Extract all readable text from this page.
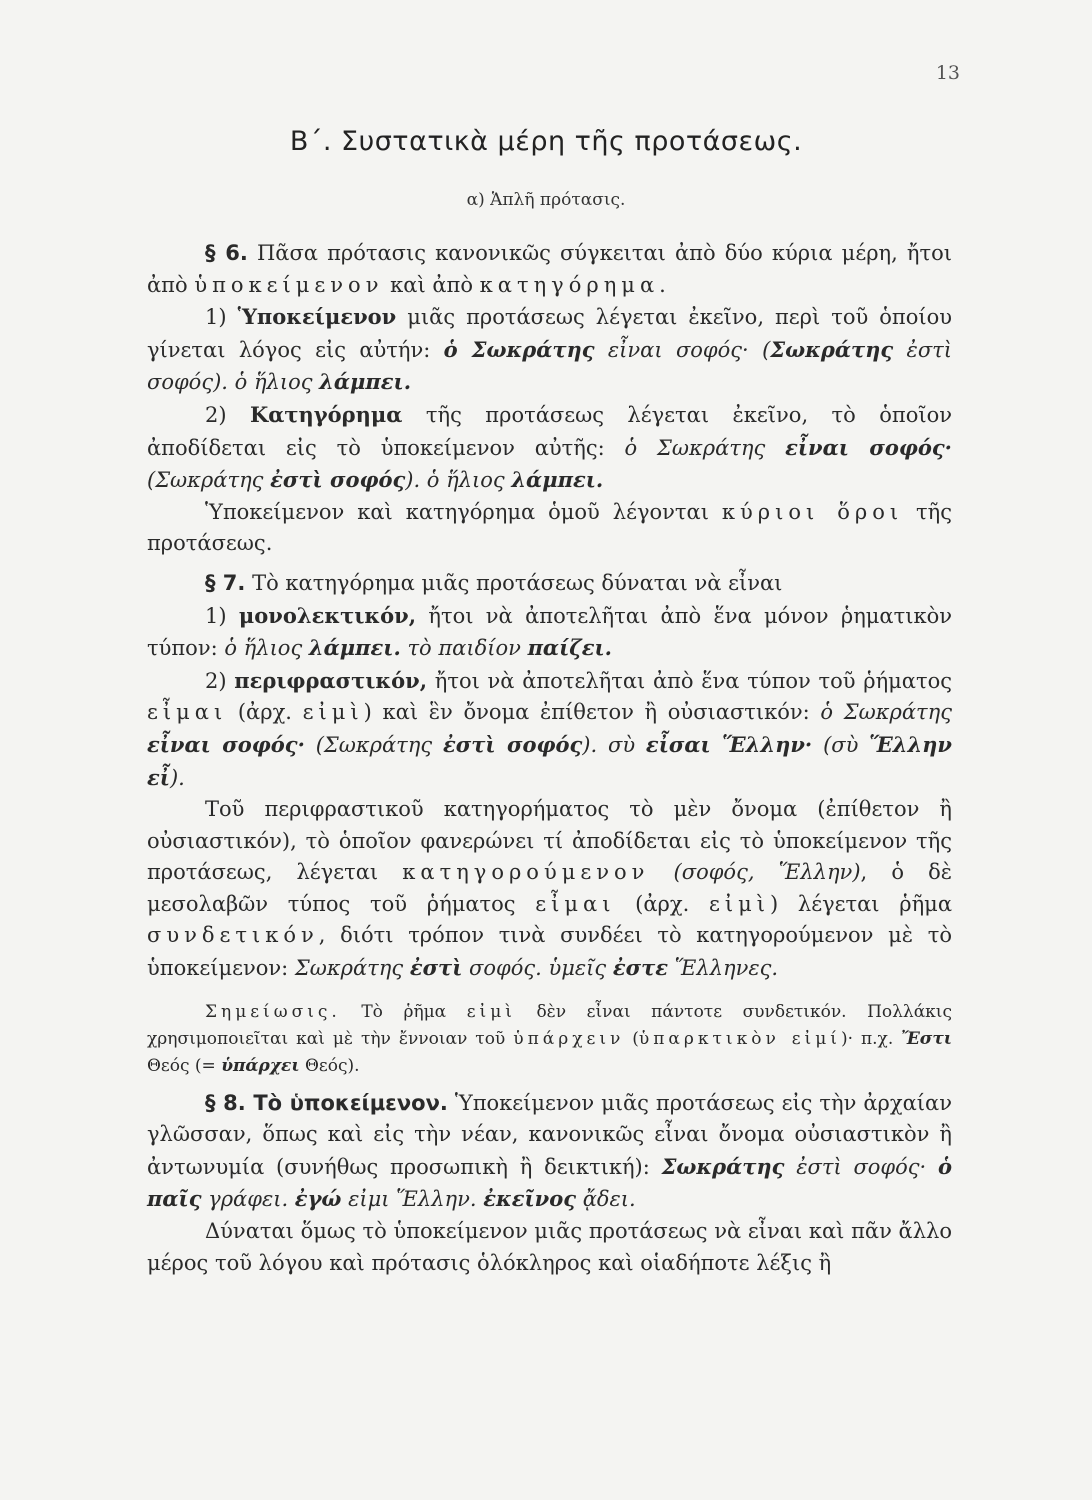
13
Β΄. Συστατικὰ μέρη τῆς προτάσεως.
α) Ἁπλῆ πρότασις.

§ 6. Πᾶσα πρότασις κανονικῶς σύγκειται ἀπὸ δύο κύρια μέρη, ἤτοι ἀπὸ ὑποκείμενον καὶ ἀπὸ κατηγόρημα.

1) Ὑποκείμενον μιᾶς προτάσεως λέγεται ἐκεῖνο, περὶ τοῦ ὁποίου γίνεται λόγος εἰς αὐτήν: ὁ Σωκράτης εἶναι σοφός· (Σωκράτης ἐστὶ σοφός). ὁ ἥλιος λάμπει.

2) Κατηγόρημα τῆς προτάσεως λέγεται ἐκεῖνο, τὸ ὁποῖον ἀποδίδεται εἰς τὸ ὑποκείμενον αὐτῆς: ὁ Σωκράτης εἶναι σοφός· (Σωκράτης ἐστὶ σοφός). ὁ ἥλιος λάμπει.

Ὑποκείμενον καὶ κατηγόρημα ὁμοῦ λέγονται κύριοι ὅροι τῆς προτάσεως.

§ 7. Τὸ κατηγόρημα μιᾶς προτάσεως δύναται νὰ εἶναι

1) μονολεκτικόν, ἤτοι νὰ ἀποτελῆται ἀπὸ ἕνα μόνον ῥηματικὸν τύπον: ὁ ἥλιος λάμπει. τὸ παιδίον παίζει.

2) περιφραστικόν, ἤτοι νὰ ἀποτελῆται ἀπὸ ἕνα τύπον τοῦ ῥήματος εἶμαι (ἀρχ. εἰμὶ) καὶ ἓν ὄνομα ἐπίθετον ἢ οὐσιαστικόν: ὁ Σωκράτης εἶναι σοφός· (Σωκράτης ἐστὶ σοφός). σὺ εἶσαι Ἕλλην· (σὺ Ἕλλην εἶ).

Τοῦ περιφραστικοῦ κατηγορήματος τὸ μὲν ὄνομα (ἐπίθετον ἢ οὐσιαστικόν), τὸ ὁποῖον φανερώνει τί ἀποδίδεται εἰς τὸ ὑποκείμενον τῆς προτάσεως, λέγεται κατηγορούμενον (σοφός, Ἕλλην), ὁ δὲ μεσολαβῶν τύπος τοῦ ῥήματος εἶμαι (ἀρχ. εἰμὶ) λέγεται ῥῆμα συνδετικόν, διότι τρόπον τινὰ συνδέει τὸ κατηγορούμενον μὲ τὸ ὑποκείμενον: Σωκράτης ἐστὶ σοφός. ὑμεῖς ἐστε Ἕλληνες.

Σημείωσις. Τὸ ῥῆμα εἰμὶ δὲν εἶναι πάντοτε συνδετικόν. Πολλάκις χρησιμοποιεῖται καὶ μὲ τὴν ἔννοιαν τοῦ ὑπάρχειν (ὑπαρκτικὸν εἰμί)· π.χ. Ἔστι Θεός (= ὑπάρχει Θεός).

§ 8. Τὸ ὑποκείμενον. Ὑποκείμενον μιᾶς προτάσεως εἰς τὴν ἀρχαίαν γλῶσσαν, ὅπως καὶ εἰς τὴν νέαν, κανονικῶς εἶναι ὄνομα οὐσιαστικὸν ἢ ἀντωνυμία (συνήθως προσωπικὴ ἢ δεικτική): Σωκράτης ἐστὶ σοφός· ὁ παῖς γράφει. ἐγώ εἰμι Ἕλλην. ἐκεῖνος ᾄδει.

Δύναται ὅμως τὸ ὑποκείμενον μιᾶς προτάσεως νὰ εἶναι καὶ πᾶν ἄλλο μέρος τοῦ λόγου καὶ πρότασις ὁλόκληρος καὶ οἱαδήποτε λέξις ἢ
